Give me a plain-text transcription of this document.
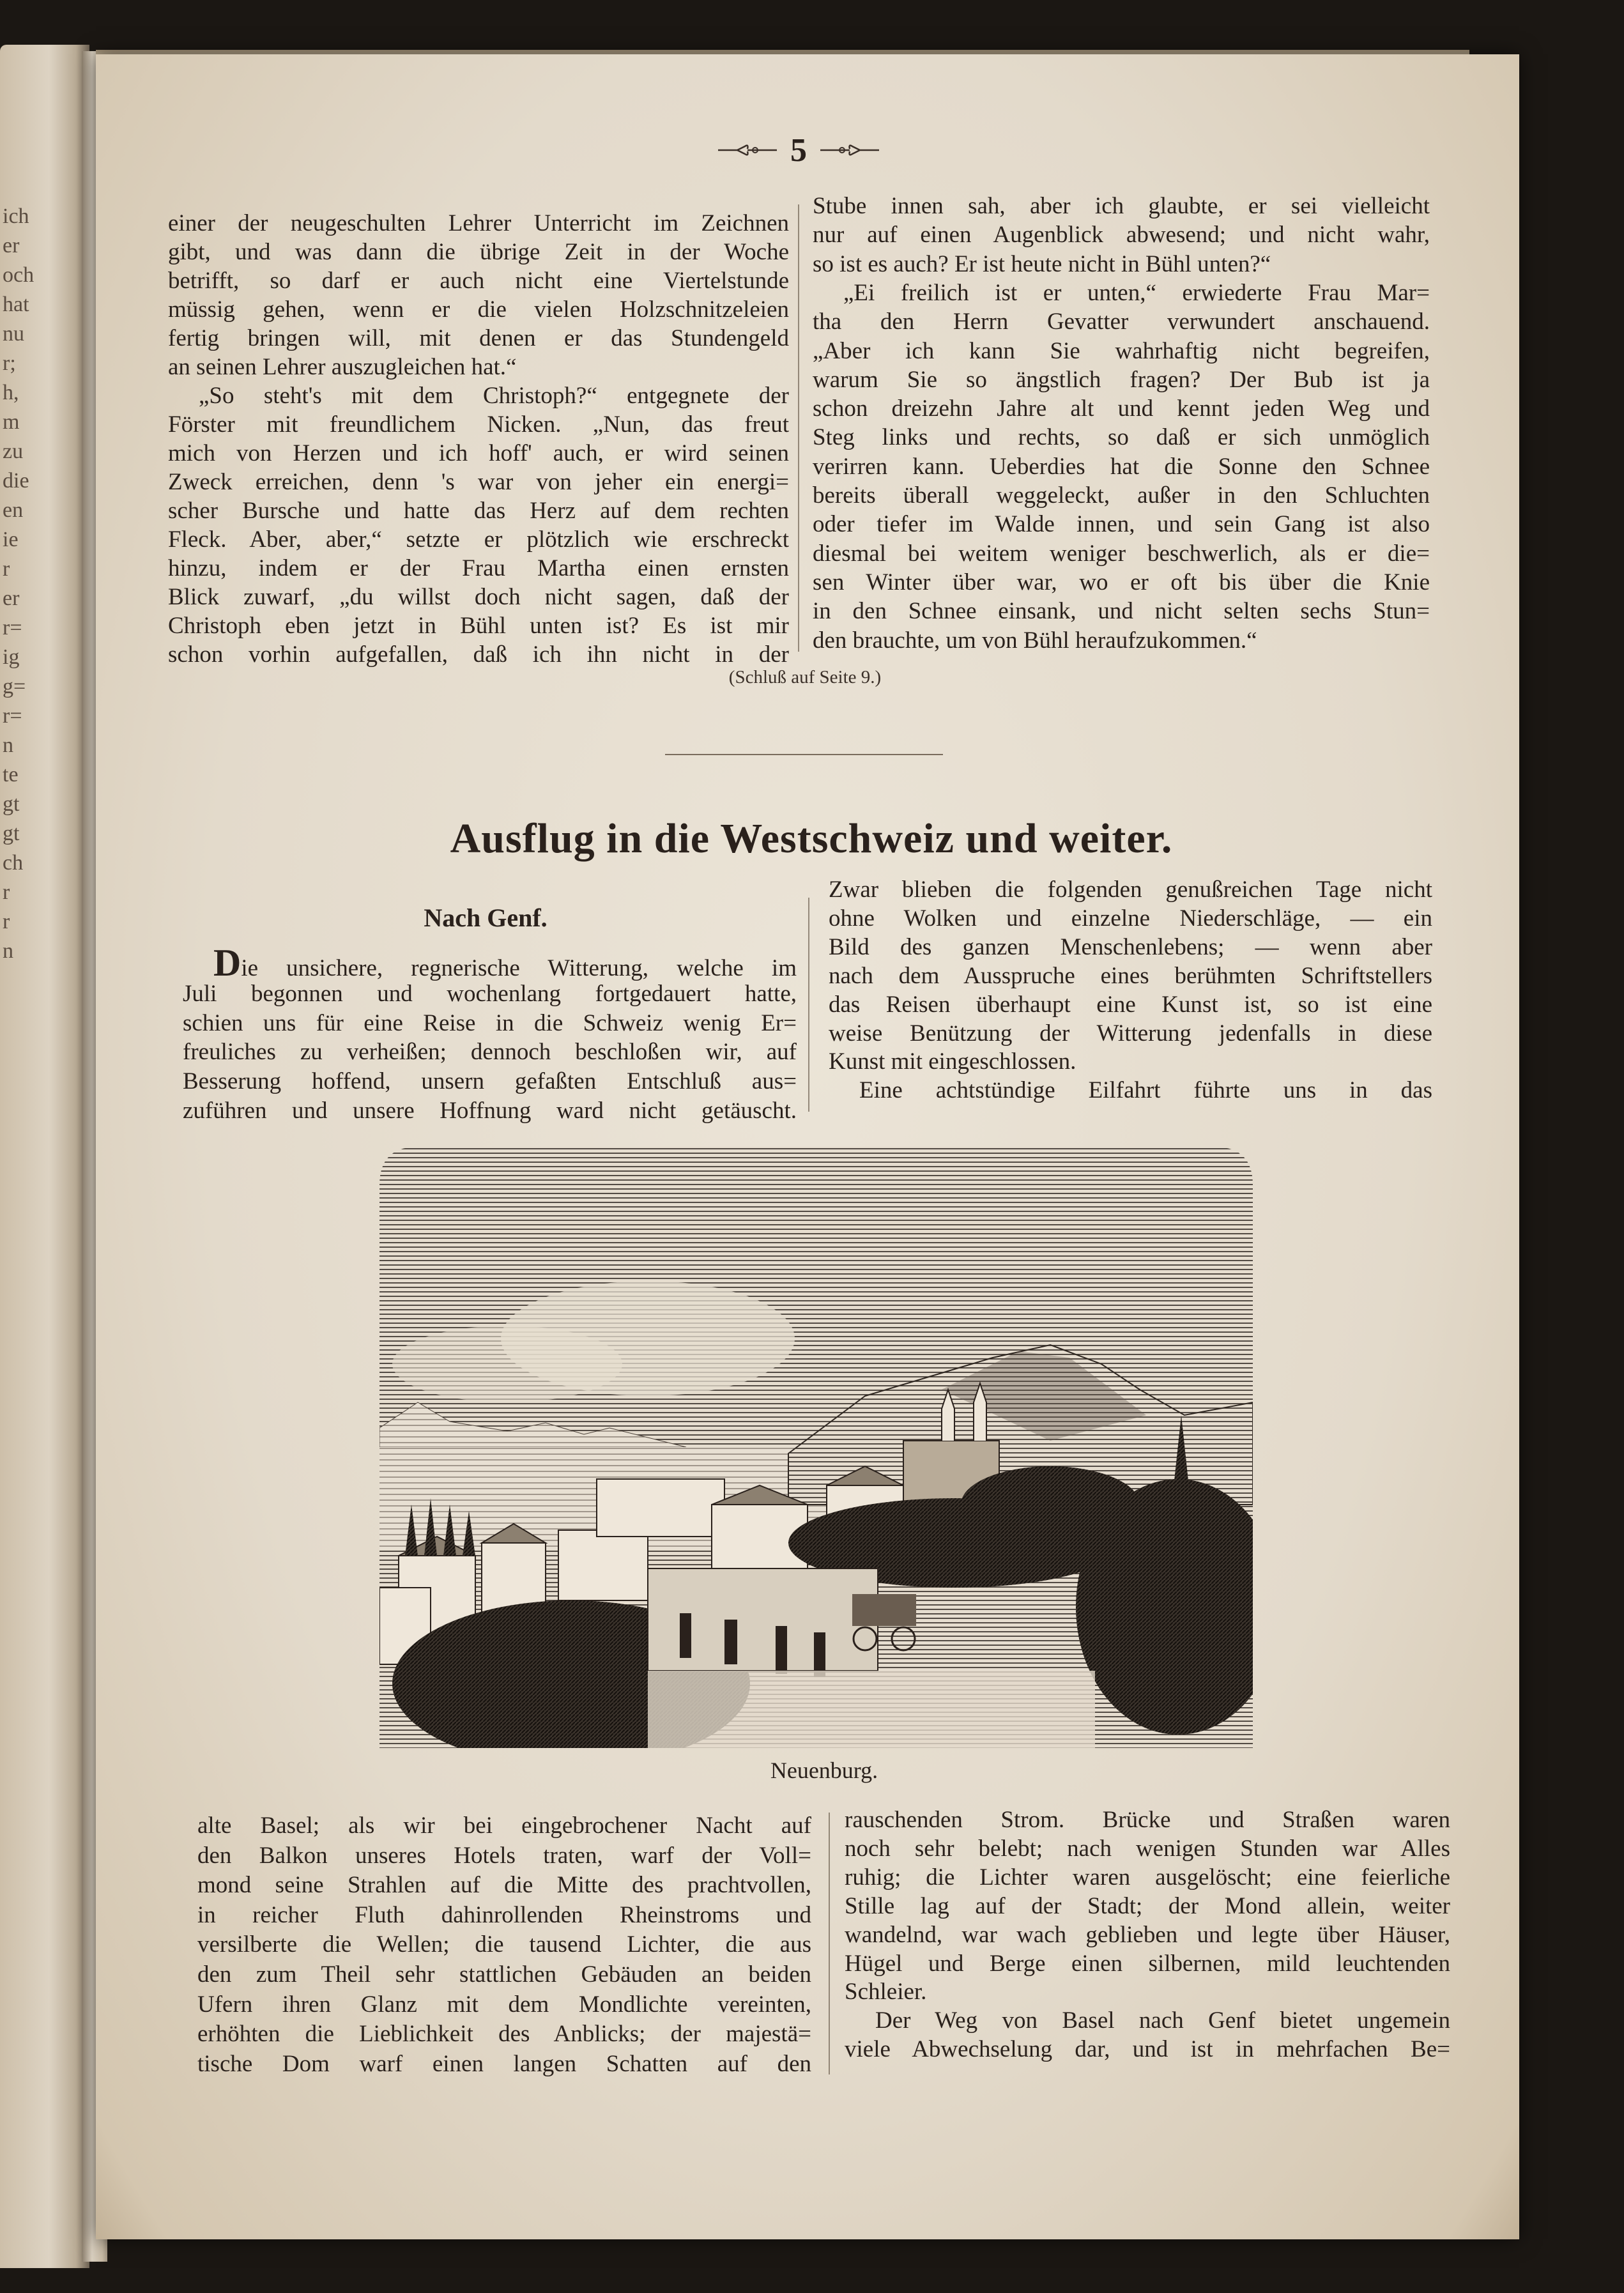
ich
er
och
hat
nu
r;
h,
m
zu
die
en
ie
r
er
r=
ig
g=
r=
n
te
gt
gt
ch
r
r
n
5
einer der neugeschulten Lehrer Unterricht im Zeichnen
gibt, und was dann die übrige Zeit in der Woche
betrifft, so darf er auch nicht eine Viertelstunde
müssig gehen, wenn er die vielen Holzschnitzeleien
fertig bringen will, mit denen er das Stundengeld
an seinen Lehrer auszugleichen hat.“
„So steht's mit dem Christoph?“ entgegnete der
Förster mit freundlichem Nicken. „Nun, das freut
mich von Herzen und ich hoff' auch, er wird seinen
Zweck erreichen, denn 's war von jeher ein energi=
scher Bursche und hatte das Herz auf dem rechten
Fleck. Aber, aber,“ setzte er plötzlich wie erschreckt
hinzu, indem er der Frau Martha einen ernsten
Blick zuwarf, „du willst doch nicht sagen, daß der
Christoph eben jetzt in Bühl unten ist? Es ist mir
schon vorhin aufgefallen, daß ich ihn nicht in der
Stube innen sah, aber ich glaubte, er sei vielleicht
nur auf einen Augenblick abwesend; und nicht wahr,
so ist es auch? Er ist heute nicht in Bühl unten?“
„Ei freilich ist er unten,“ erwiederte Frau Mar=
tha den Herrn Gevatter verwundert anschauend.
„Aber ich kann Sie wahrhaftig nicht begreifen,
warum Sie so ängstlich fragen? Der Bub ist ja
schon dreizehn Jahre alt und kennt jeden Weg und
Steg links und rechts, so daß er sich unmöglich
verirren kann. Ueberdies hat die Sonne den Schnee
bereits überall weggeleckt, außer in den Schluchten
oder tiefer im Walde innen, und sein Gang ist also
diesmal bei weitem weniger beschwerlich, als er die=
sen Winter über war, wo er oft bis über die Knie
in den Schnee einsank, und nicht selten sechs Stun=
den brauchte, um von Bühl heraufzukommen.“
(Schluß auf Seite 9.)
Ausflug in die Westschweiz und weiter.
Nach Genf.
Die unsichere, regnerische Witterung, welche im
Juli begonnen und wochenlang fortgedauert hatte,
schien uns für eine Reise in die Schweiz wenig Er=
freuliches zu verheißen; dennoch beschloßen wir, auf
Besserung hoffend, unsern gefaßten Entschluß aus=
zuführen und unsere Hoffnung ward nicht getäuscht.
Zwar blieben die folgenden genußreichen Tage nicht
ohne Wolken und einzelne Niederschläge, — ein
Bild des ganzen Menschenlebens; — wenn aber
nach dem Ausspruche eines berühmten Schriftstellers
das Reisen überhaupt eine Kunst ist, so ist eine
weise Benützung der Witterung jedenfalls in diese
Kunst mit eingeschlossen.
Eine achtstündige Eilfahrt führte uns in das
Neuenburg.
alte Basel; als wir bei eingebrochener Nacht auf
den Balkon unseres Hotels traten, warf der Voll=
mond seine Strahlen auf die Mitte des prachtvollen,
in reicher Fluth dahinrollenden Rheinstroms und
versilberte die Wellen; die tausend Lichter, die aus
den zum Theil sehr stattlichen Gebäuden an beiden
Ufern ihren Glanz mit dem Mondlichte vereinten,
erhöhten die Lieblichkeit des Anblicks; der majestä=
tische Dom warf einen langen Schatten auf den
rauschenden Strom. Brücke und Straßen waren
noch sehr belebt; nach wenigen Stunden war Alles
ruhig; die Lichter waren ausgelöscht; eine feierliche
Stille lag auf der Stadt; der Mond allein, weiter
wandelnd, war wach geblieben und legte über Häuser,
Hügel und Berge einen silbernen, mild leuchtenden
Schleier.
Der Weg von Basel nach Genf bietet ungemein
viele Abwechselung dar, und ist in mehrfachen Be=
